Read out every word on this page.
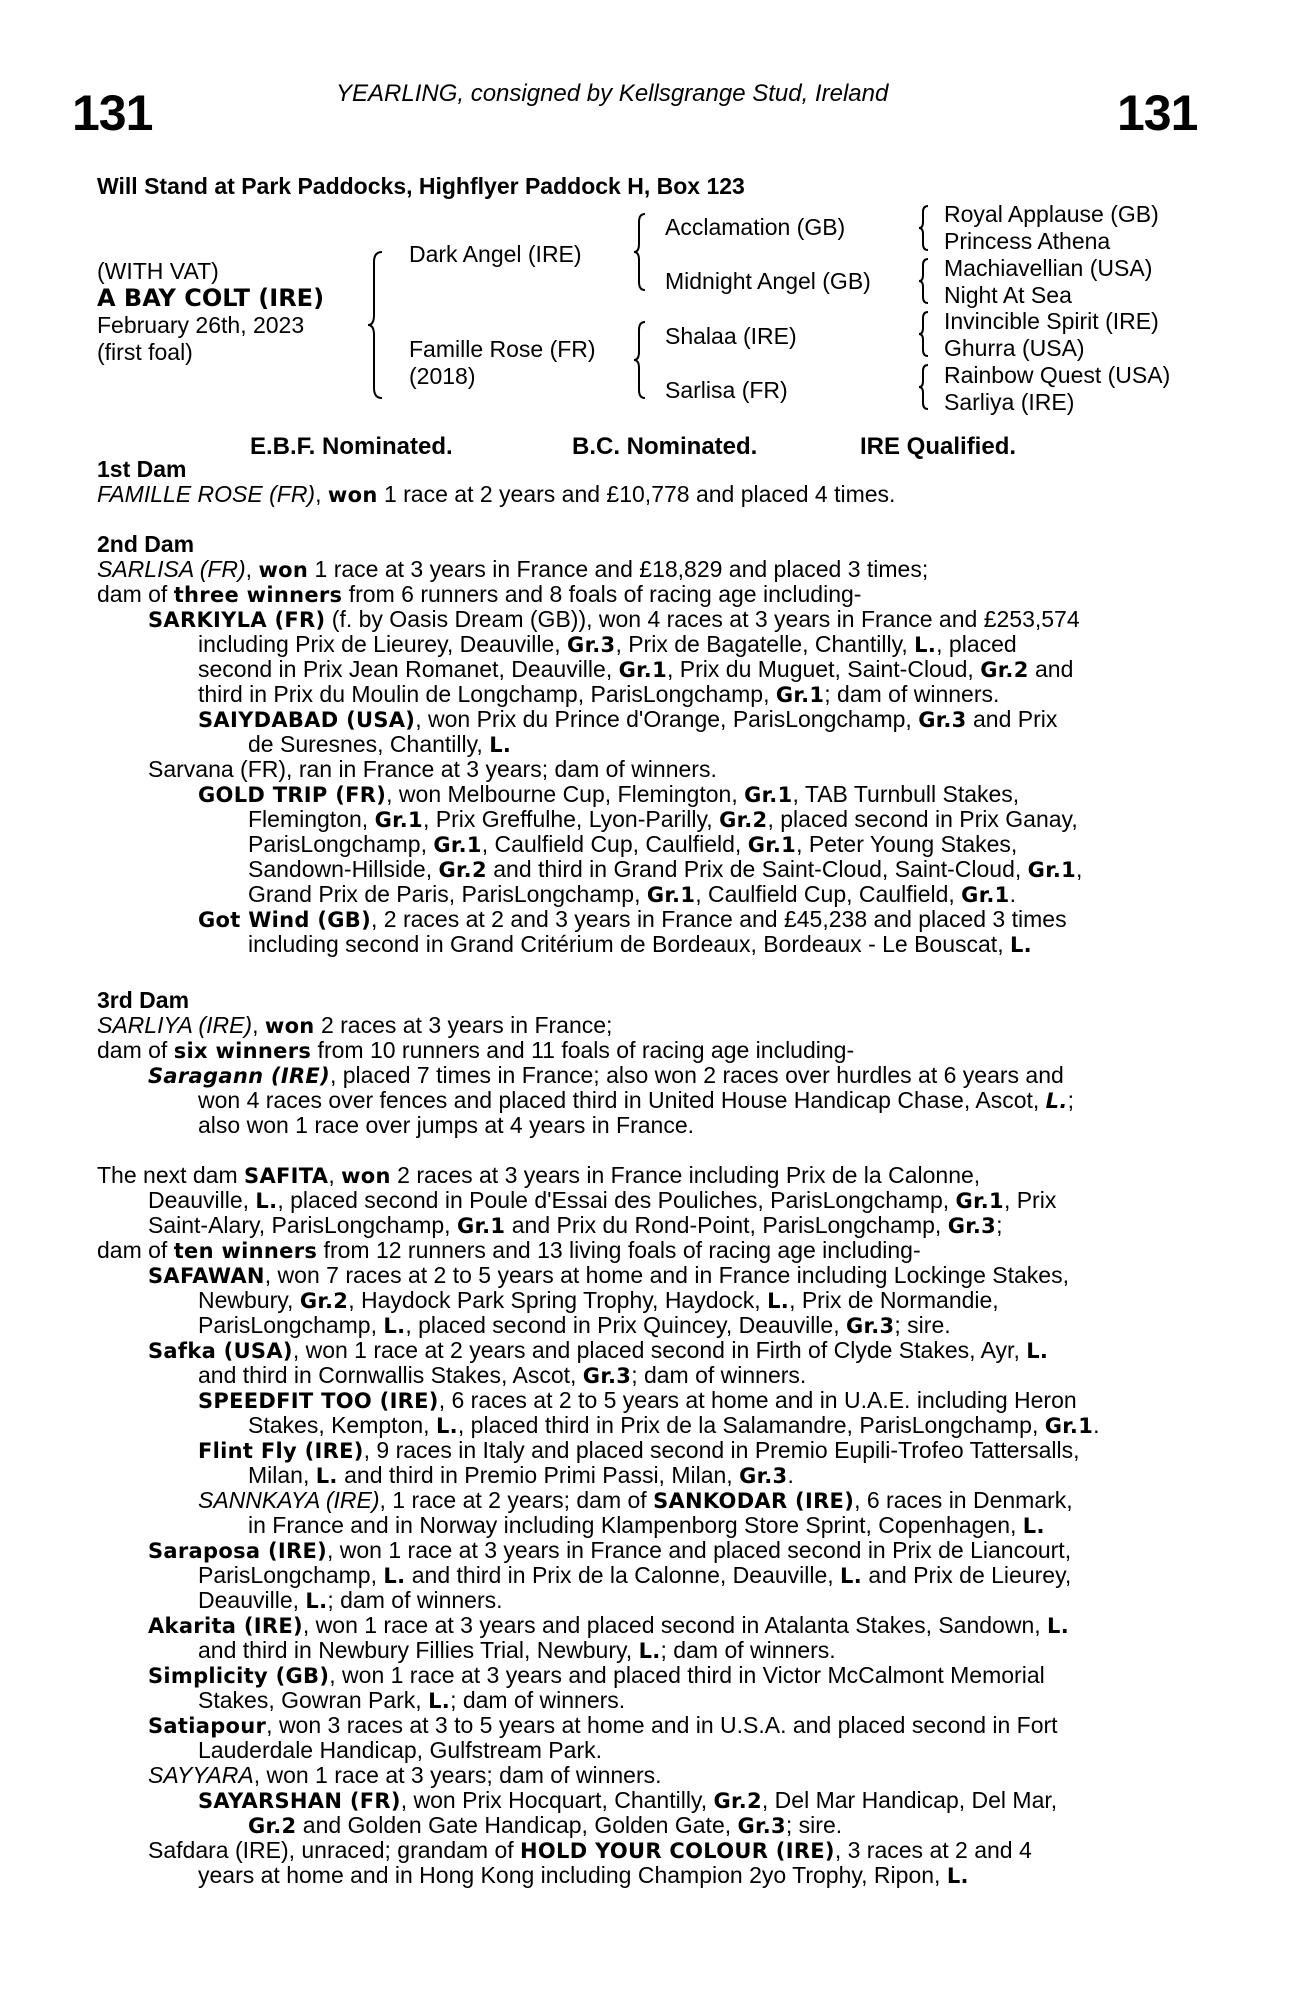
131	131
YEARLING, consigned by Kellsgrange Stud, Ireland
Will Stand at Park Paddocks, Highflyer Paddock H, Box 123
(WITH VAT)
A BAY COLT (IRE)
February 26th, 2023
(first foal)
Dark Angel (IRE)
Famille Rose (FR)
(2018)
Acclamation (GB)
Midnight Angel (GB)
Shalaa (IRE)
Sarlisa (FR)
Royal Applause (GB)
Princess Athena
Machiavellian (USA)
Night At Sea
Invincible Spirit (IRE)
Ghurra (USA)
Rainbow Quest (USA)
Sarliya (IRE)
E.B.F. Nominated.	B.C. Nominated.	IRE Qualified.
1st Dam
FAMILLE ROSE (FR), won 1 race at 2 years and £10,778 and placed 4 times.
2nd Dam
SARLISA (FR), won 1 race at 3 years in France and £18,829 and placed 3 times;
dam of three winners from 6 runners and 8 foals of racing age including-
SARKIYLA (FR) (f. by Oasis Dream (GB)), won 4 races at 3 years in France and £253,574
including Prix de Lieurey, Deauville, Gr.3, Prix de Bagatelle, Chantilly, L., placed
second in Prix Jean Romanet, Deauville, Gr.1, Prix du Muguet, Saint-Cloud, Gr.2 and
third in Prix du Moulin de Longchamp, ParisLongchamp, Gr.1; dam of winners.
SAIYDABAD (USA), won Prix du Prince d'Orange, ParisLongchamp, Gr.3 and Prix
de Suresnes, Chantilly, L.
Sarvana (FR), ran in France at 3 years; dam of winners.
GOLD TRIP (FR), won Melbourne Cup, Flemington, Gr.1, TAB Turnbull Stakes,
Flemington, Gr.1, Prix Greffulhe, Lyon-Parilly, Gr.2, placed second in Prix Ganay,
ParisLongchamp, Gr.1, Caulfield Cup, Caulfield, Gr.1, Peter Young Stakes,
Sandown-Hillside, Gr.2 and third in Grand Prix de Saint-Cloud, Saint-Cloud, Gr.1,
Grand Prix de Paris, ParisLongchamp, Gr.1, Caulfield Cup, Caulfield, Gr.1.
Got Wind (GB), 2 races at 2 and 3 years in France and £45,238 and placed 3 times
including second in Grand Critérium de Bordeaux, Bordeaux - Le Bouscat, L.
3rd Dam
SARLIYA (IRE), won 2 races at 3 years in France;
dam of six winners from 10 runners and 11 foals of racing age including-
Saragann (IRE), placed 7 times in France; also won 2 races over hurdles at 6 years and
won 4 races over fences and placed third in United House Handicap Chase, Ascot, L.;
also won 1 race over jumps at 4 years in France.
The next dam SAFITA, won 2 races at 3 years in France including Prix de la Calonne,
Deauville, L., placed second in Poule d'Essai des Pouliches, ParisLongchamp, Gr.1, Prix
Saint-Alary, ParisLongchamp, Gr.1 and Prix du Rond-Point, ParisLongchamp, Gr.3;
dam of ten winners from 12 runners and 13 living foals of racing age including-
SAFAWAN, won 7 races at 2 to 5 years at home and in France including Lockinge Stakes,
Newbury, Gr.2, Haydock Park Spring Trophy, Haydock, L., Prix de Normandie,
ParisLongchamp, L., placed second in Prix Quincey, Deauville, Gr.3; sire.
Safka (USA), won 1 race at 2 years and placed second in Firth of Clyde Stakes, Ayr, L.
and third in Cornwallis Stakes, Ascot, Gr.3; dam of winners.
SPEEDFIT TOO (IRE), 6 races at 2 to 5 years at home and in U.A.E. including Heron
Stakes, Kempton, L., placed third in Prix de la Salamandre, ParisLongchamp, Gr.1.
Flint Fly (IRE), 9 races in Italy and placed second in Premio Eupili-Trofeo Tattersalls,
Milan, L. and third in Premio Primi Passi, Milan, Gr.3.
SANNKAYA (IRE), 1 race at 2 years; dam of SANKODAR (IRE), 6 races in Denmark,
in France and in Norway including Klampenborg Store Sprint, Copenhagen, L.
Saraposa (IRE), won 1 race at 3 years in France and placed second in Prix de Liancourt,
ParisLongchamp, L. and third in Prix de la Calonne, Deauville, L. and Prix de Lieurey,
Deauville, L.; dam of winners.
Akarita (IRE), won 1 race at 3 years and placed second in Atalanta Stakes, Sandown, L.
and third in Newbury Fillies Trial, Newbury, L.; dam of winners.
Simplicity (GB), won 1 race at 3 years and placed third in Victor McCalmont Memorial
Stakes, Gowran Park, L.; dam of winners.
Satiapour, won 3 races at 3 to 5 years at home and in U.S.A. and placed second in Fort
Lauderdale Handicap, Gulfstream Park.
SAYYARA, won 1 race at 3 years; dam of winners.
SAYARSHAN (FR), won Prix Hocquart, Chantilly, Gr.2, Del Mar Handicap, Del Mar,
Gr.2 and Golden Gate Handicap, Golden Gate, Gr.3; sire.
Safdara (IRE), unraced; grandam of HOLD YOUR COLOUR (IRE), 3 races at 2 and 4
years at home and in Hong Kong including Champion 2yo Trophy, Ripon, L.
